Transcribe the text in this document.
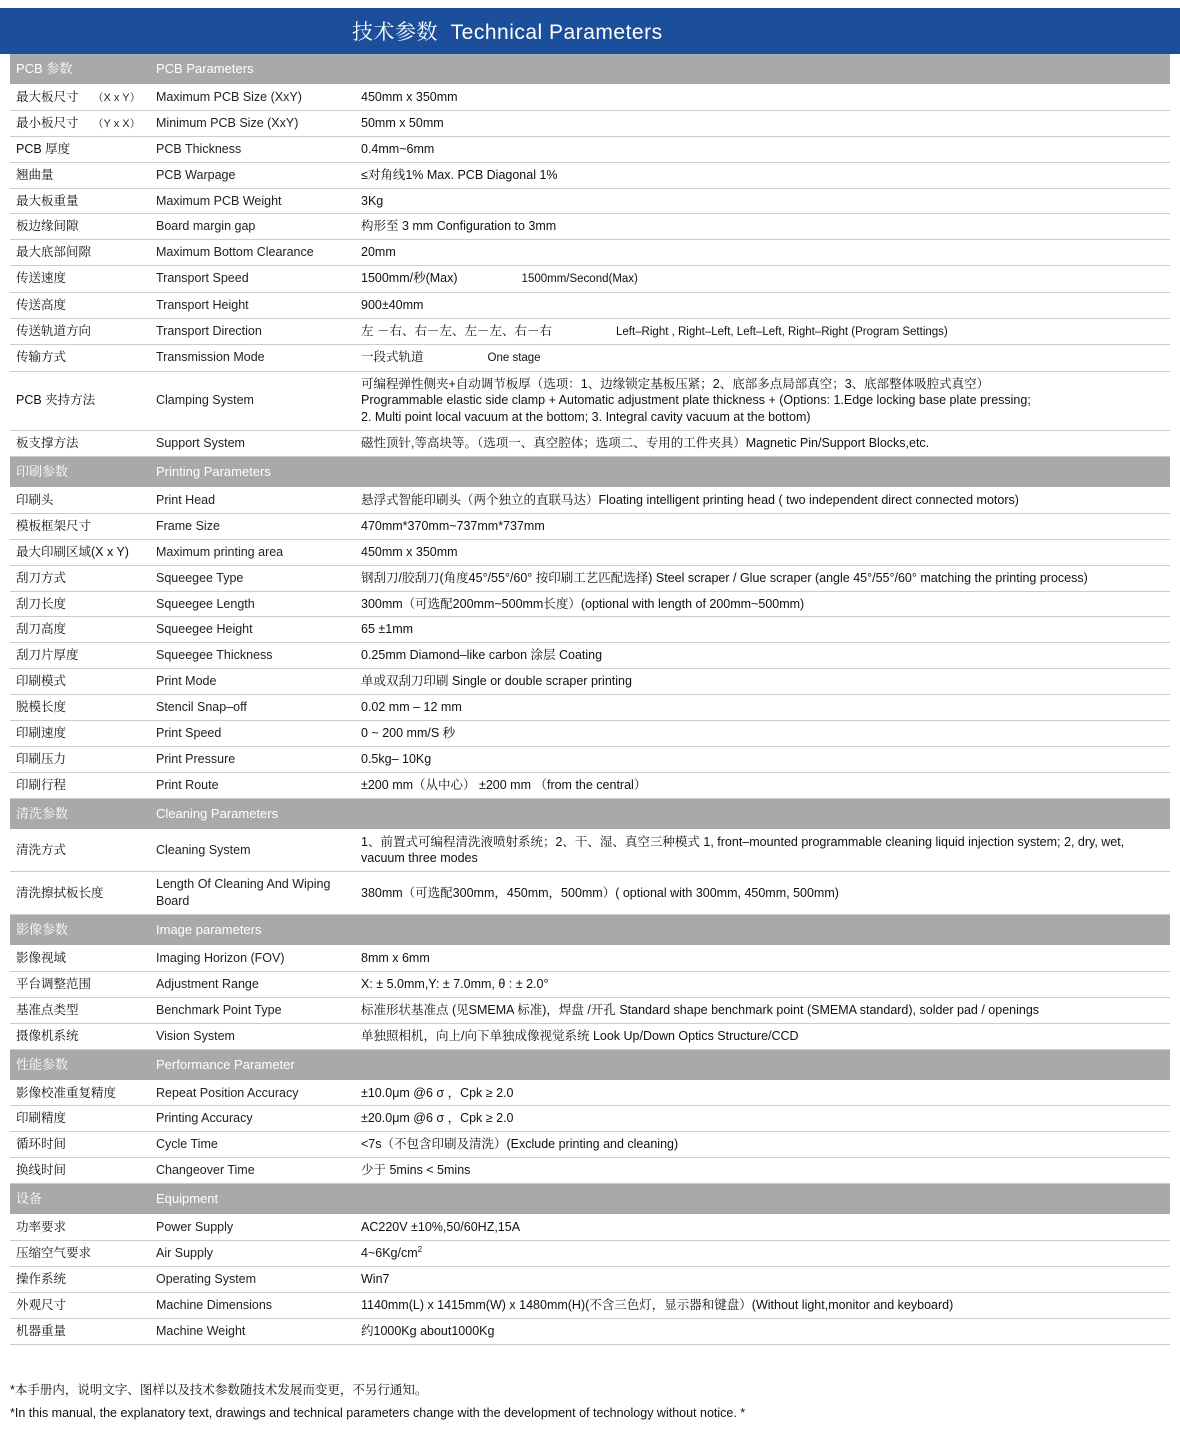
技术参数 Technical Parameters
PCB 参数	PCB Parameters	
最大板尺寸 （X x Y）	Maximum PCB Size (XxY)	450mm x 350mm
最小板尺寸 （Y x X）	Minimum PCB Size (XxY)	50mm x 50mm
PCB 厚度	PCB Thickness	0.4mm~6mm
翘曲量	PCB Warpage	≤对角线1% Max. PCB Diagonal 1%
最大板重量	Maximum PCB Weight	3Kg
板边缘间隙	Board margin gap	构形至 3 mm Configuration to 3mm
最大底部间隙	Maximum Bottom Clearance	20mm
传送速度	Transport Speed	1500mm/秒(Max) 1500mm/Second(Max)
传送高度	Transport Height	900±40mm
传送轨道方向	Transport Direction	左 －右、右－左、左－左、右－右 Left–Right , Right–Left, Left–Left, Right–Right (Program Settings)
传输方式	Transmission Mode	一段式轨道 One stage
PCB 夹持方法	Clamping System	可编程弹性侧夹+自动调节板厚（选项：1、边缘锁定基板压紧；2、底部多点局部真空；3、底部整体吸腔式真空）
Programmable elastic side clamp + Automatic adjustment plate thickness + (Options: 1.Edge locking base plate pressing;
2. Multi point local vacuum at the bottom; 3. Integral cavity vacuum at the bottom)

板支撑方法	Support System	磁性顶针,等高块等。（选项一、真空腔体；选项二、专用的工件夹具）Magnetic Pin/Support Blocks,etc.
印刷参数	Printing Parameters	
印刷头	Print Head	悬浮式智能印刷头（两个独立的直联马达）Floating intelligent printing head ( two independent direct connected motors)
模板框架尺寸	Frame Size	470mm*370mm~737mm*737mm
最大印刷区域(X x Y)	Maximum printing area	450mm x 350mm
刮刀方式	Squeegee Type	钢刮刀/胶刮刀(角度45°/55°/60° 按印刷工艺匹配选择) Steel scraper / Glue scraper (angle 45°/55°/60° matching the printing process)
刮刀长度	Squeegee Length	300mm（可选配200mm~500mm长度）(optional with length of 200mm~500mm)
刮刀高度	Squeegee Height	65 ±1mm
刮刀片厚度	Squeegee Thickness	0.25mm Diamond–like carbon 涂层 Coating
印刷模式	Print Mode	单或双刮刀印刷 Single or double scraper printing
脱模长度	Stencil Snap–off	0.02 mm – 12 mm
印刷速度	Print Speed	0 ~ 200 mm/S 秒
印刷压力	Print Pressure	0.5kg– 10Kg
印刷行程	Print Route	±200 mm（从中心） ±200 mm （from the central）
清洗参数	Cleaning Parameters	
清洗方式	Cleaning System	1、前置式可编程清洗液喷射系统；2、干、湿、真空三种模式 1, front–mounted programmable cleaning liquid injection system; 2, dry, wet, vacuum three modes
清洗擦拭板长度	Length Of Cleaning And Wiping Board	380mm（可选配300mm，450mm，500mm）( optional with 300mm, 450mm, 500mm)
影像参数	Image parameters	
影像视域	Imaging Horizon (FOV)	8mm x 6mm
平台调整范围	Adjustment Range	X: ± 5.0mm,Y: ± 7.0mm, θ : ± 2.0°
基准点类型	Benchmark Point Type	标准形状基准点 (见SMEMA 标准)，焊盘 /开孔 Standard shape benchmark point (SMEMA standard), solder pad / openings
摄像机系统	Vision System	单独照相机，向上/向下单独成像视觉系统 Look Up/Down Optics Structure/CCD
性能参数	Performance Parameter	
影像校准重复精度	Repeat Position Accuracy	±10.0μm @6 σ ，Cpk ≥ 2.0
印刷精度	Printing Accuracy	±20.0μm @6 σ ，Cpk ≥ 2.0
循环时间	Cycle Time	<7s（不包含印刷及清洗）(Exclude printing and cleaning)
换线时间	Changeover Time	少于 5mins < 5mins
设备	Equipment	
功率要求	Power Supply	AC220V ±10%,50/60HZ,15A
压缩空气要求	Air Supply	$4\sim 6Kg/cm^2$
操作系统	Operating System	Win7
外观尺寸	Machine Dimensions	1140mm(L) x 1415mm(W) x 1480mm(H)(不含三色灯，显示器和键盘）(Without light,monitor and keyboard)
机器重量	Machine Weight	约1000Kg about1000Kg
*本手册内，说明文字、图样以及技术参数随技术发展而变更，不另行通知。
*In this manual, the explanatory text, drawings and technical parameters change with the development of technology without notice. *
